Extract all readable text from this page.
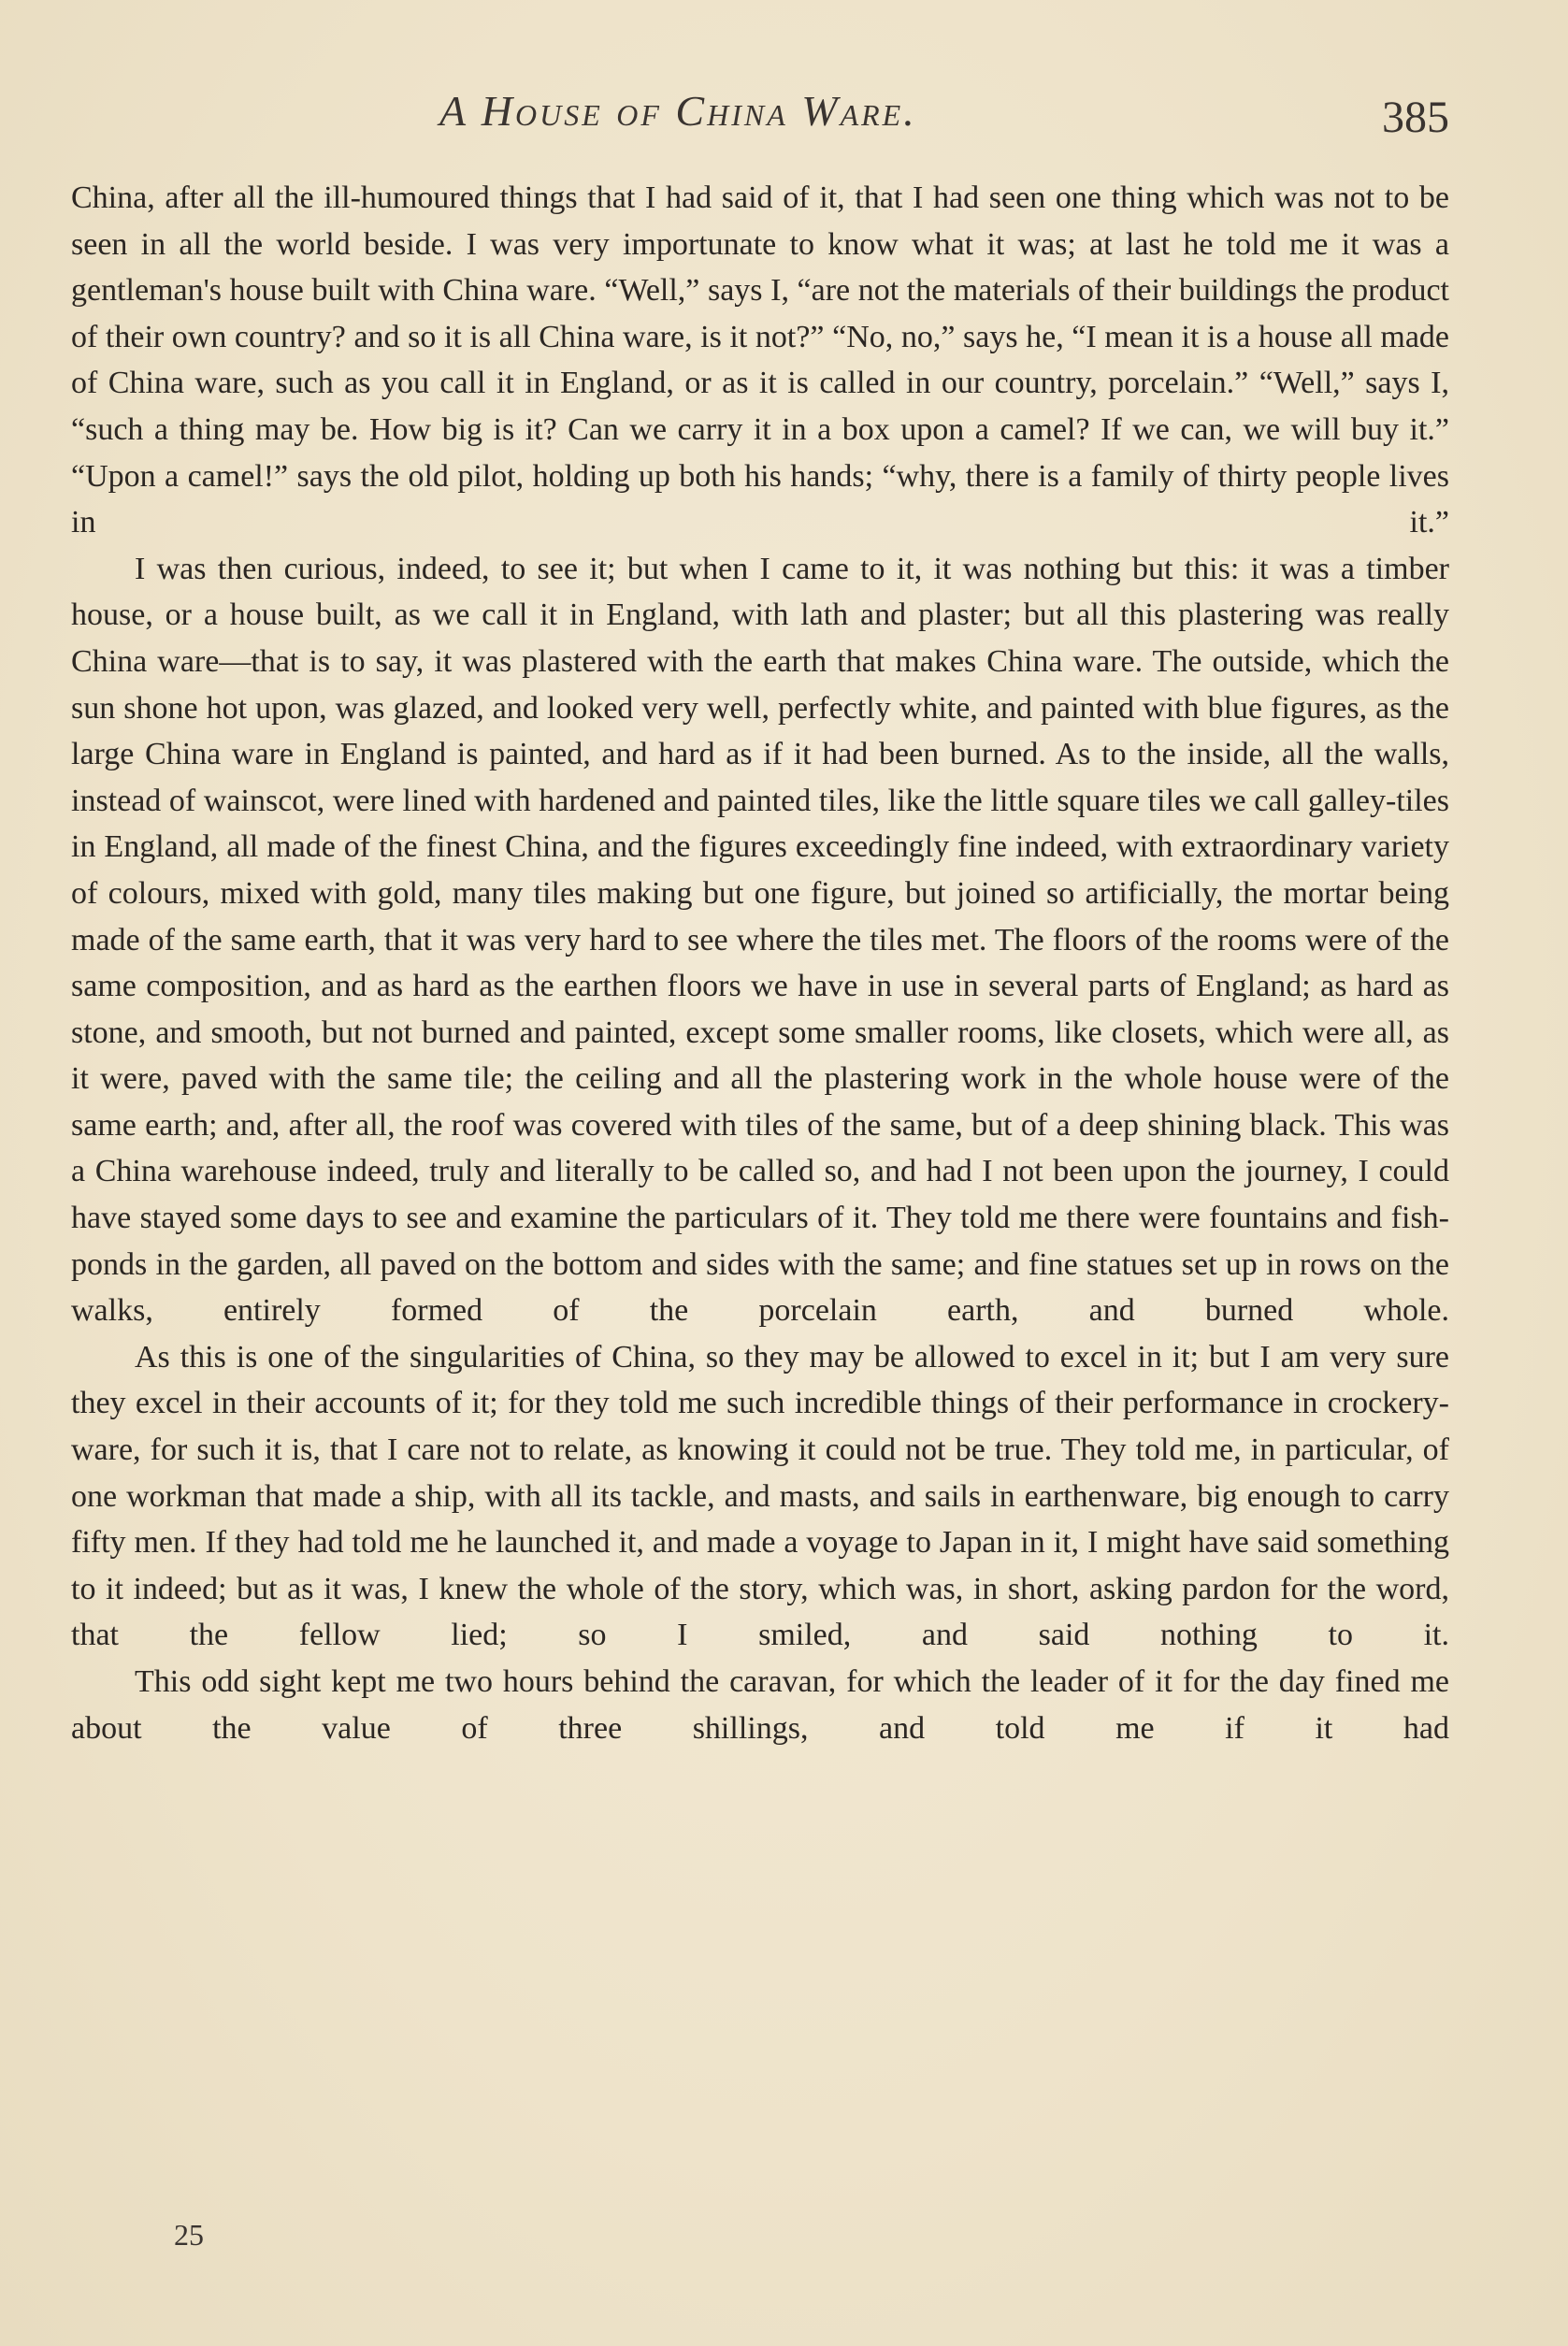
A House of China Ware.	385

China, after all the ill-humoured things that I had said of it, that I had seen one thing which was not to be seen in all the world beside. I was very importunate to know what it was; at last he told me it was a gentleman's house built with China ware. “Well,” says I, “are not the materials of their buildings the product of their own country? and so it is all China ware, is it not?” “No, no,” says he, “I mean it is a house all made of China ware, such as you call it in England, or as it is called in our country, porcelain.” “Well,” says I, “such a thing may be. How big is it? Can we carry it in a box upon a camel? If we can, we will buy it.” “Upon a camel!” says the old pilot, holding up both his hands; “why, there is a family of thirty people lives in it.”

I was then curious, indeed, to see it; but when I came to it, it was nothing but this: it was a timber house, or a house built, as we call it in England, with lath and plaster; but all this plastering was really China ware—that is to say, it was plastered with the earth that makes China ware. The outside, which the sun shone hot upon, was glazed, and looked very well, perfectly white, and painted with blue figures, as the large China ware in England is painted, and hard as if it had been burned. As to the inside, all the walls, instead of wainscot, were lined with hardened and painted tiles, like the little square tiles we call galley-tiles in England, all made of the finest China, and the figures exceedingly fine indeed, with extraordinary variety of colours, mixed with gold, many tiles making but one figure, but joined so artificially, the mortar being made of the same earth, that it was very hard to see where the tiles met. The floors of the rooms were of the same composition, and as hard as the earthen floors we have in use in several parts of England; as hard as stone, and smooth, but not burned and painted, except some smaller rooms, like closets, which were all, as it were, paved with the same tile; the ceiling and all the plastering work in the whole house were of the same earth; and, after all, the roof was covered with tiles of the same, but of a deep shining black. This was a China warehouse indeed, truly and literally to be called so, and had I not been upon the journey, I could have stayed some days to see and examine the particulars of it. They told me there were fountains and fish-ponds in the garden, all paved on the bottom and sides with the same; and fine statues set up in rows on the walks, entirely formed of the porcelain earth, and burned whole.

As this is one of the singularities of China, so they may be allowed to excel in it; but I am very sure they excel in their accounts of it; for they told me such incredible things of their performance in crockery-ware, for such it is, that I care not to relate, as knowing it could not be true. They told me, in particular, of one workman that made a ship, with all its tackle, and masts, and sails in earthenware, big enough to carry fifty men. If they had told me he launched it, and made a voyage to Japan in it, I might have said something to it indeed; but as it was, I knew the whole of the story, which was, in short, asking pardon for the word, that the fellow lied; so I smiled, and said nothing to it.

This odd sight kept me two hours behind the caravan, for which the leader of it for the day fined me about the value of three shillings, and told me if it had

25
